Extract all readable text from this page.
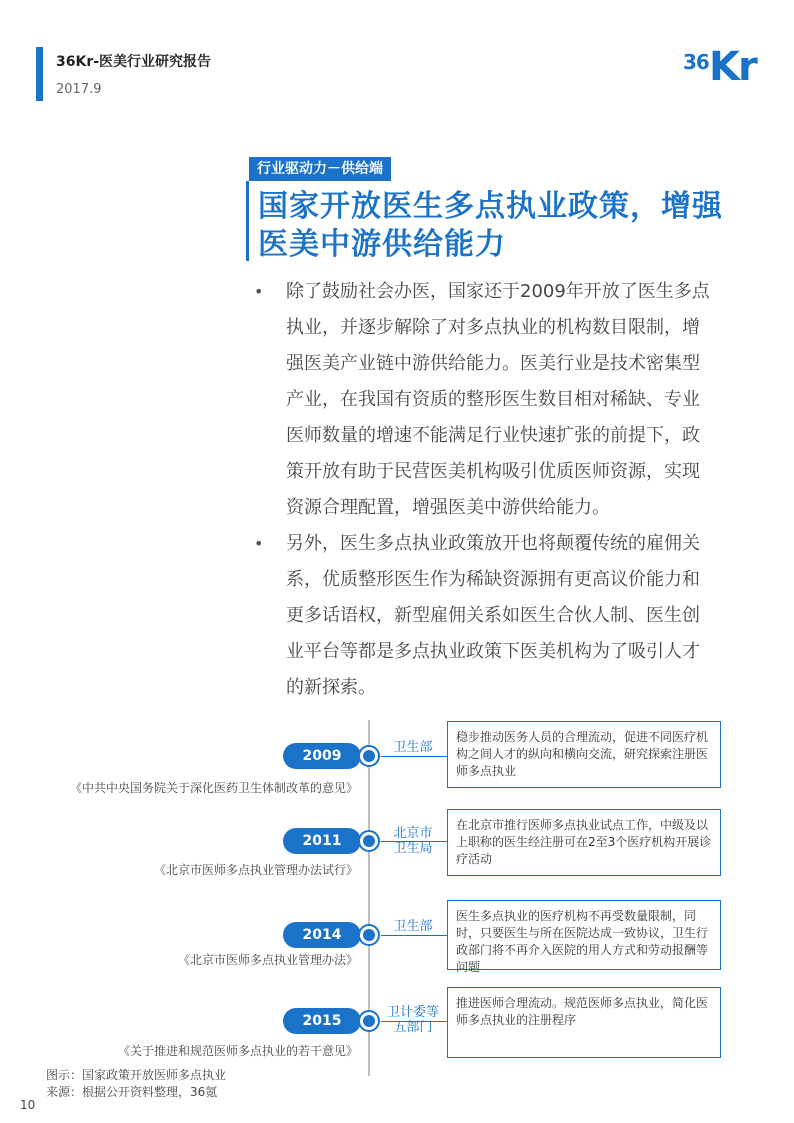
36Kr-医美行业研究报告
2017.9
36 Kr
行业驱动力－供给端
国家开放医生多点执业政策，增强医美中游供给能力
• 除了鼓励社会办医，国家还于2009年开放了医生多点执业，并逐步解除了对多点执业的机构数目限制，增强医美产业链中游供给能力。医美行业是技术密集型产业，在我国有资质的整形医生数目相对稀缺、专业医师数量的增速不能满足行业快速扩张的前提下，政策开放有助于民营医美机构吸引优质医师资源，实现资源合理配置，增强医美中游供给能力。
• 另外，医生多点执业政策放开也将颠覆传统的雇佣关系，优质整形医生作为稀缺资源拥有更高议价能力和更多话语权，新型雇佣关系如医生合伙人制、医生创业平台等都是多点执业政策下医美机构为了吸引人才的新探索。
2009
卫生部
《中共中央国务院关于深化医药卫生体制改革的意见》
稳步推动医务人员的合理流动，促进不同医疗机构之间人才的纵向和横向交流，研究探索注册医师多点执业
2011	北京市卫生局
《北京市医师多点执业管理办法试行》
在北京市推行医师多点执业试点工作，中级及以上职称的医生经注册可在2至3个医疗机构开展诊疗活动
2014
卫生部
《北京市医师多点执业管理办法》
医生多点执业的医疗机构不再受数量限制，同时，只要医生与所在医院达成一致协议，卫生行政部门将不再介入医院的用人方式和劳动报酬等问题
2015
卫计委等五部门
《关于推进和规范医师多点执业的若干意见》
推进医师合理流动。规范医师多点执业，简化医师多点执业的注册程序
图示：国家政策开放医师多点执业
来源：根据公开资料整理，36氪
10
